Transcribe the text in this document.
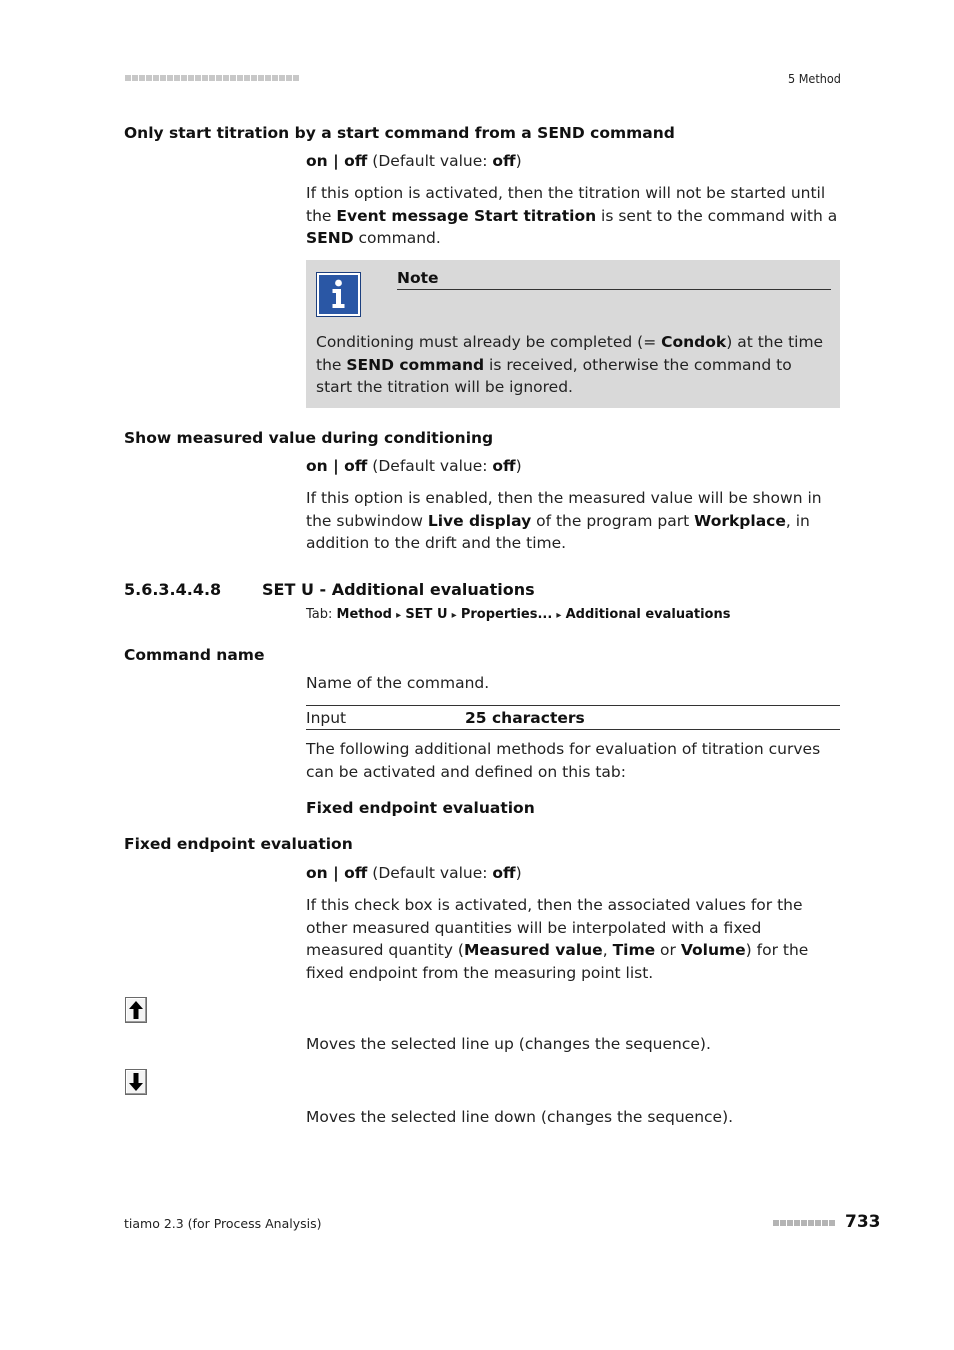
5 Method
Only start titration by a start command from a SEND command
on | off (Default value: off)
If this option is activated, then the titration will not be started until the Event message Start titration is sent to the command with a SEND command.
Note
Conditioning must already be completed (= Condok) at the time the SEND command is received, otherwise the command to start the titration will be ignored.
Show measured value during conditioning
on | off (Default value: off)
If this option is enabled, then the measured value will be shown in the subwindow Live display of the program part Workplace, in addition to the drift and the time.
5.6.3.4.4.8	SET U - Additional evaluations
Tab: Method ▸ SET U ▸ Properties... ▸ Additional evaluations
Command name
Name of the command.
Input	25 characters
The following additional methods for evaluation of titration curves can be activated and defined on this tab:
Fixed endpoint evaluation
Fixed endpoint evaluation
on | off (Default value: off)
If this check box is activated, then the associated values for the other measured quantities will be interpolated with a fixed measured quantity (Measured value, Time or Volume) for the fixed endpoint from the measuring point list.
Moves the selected line up (changes the sequence).
Moves the selected line down (changes the sequence).
tiamo 2.3 (for Process Analysis)	733
